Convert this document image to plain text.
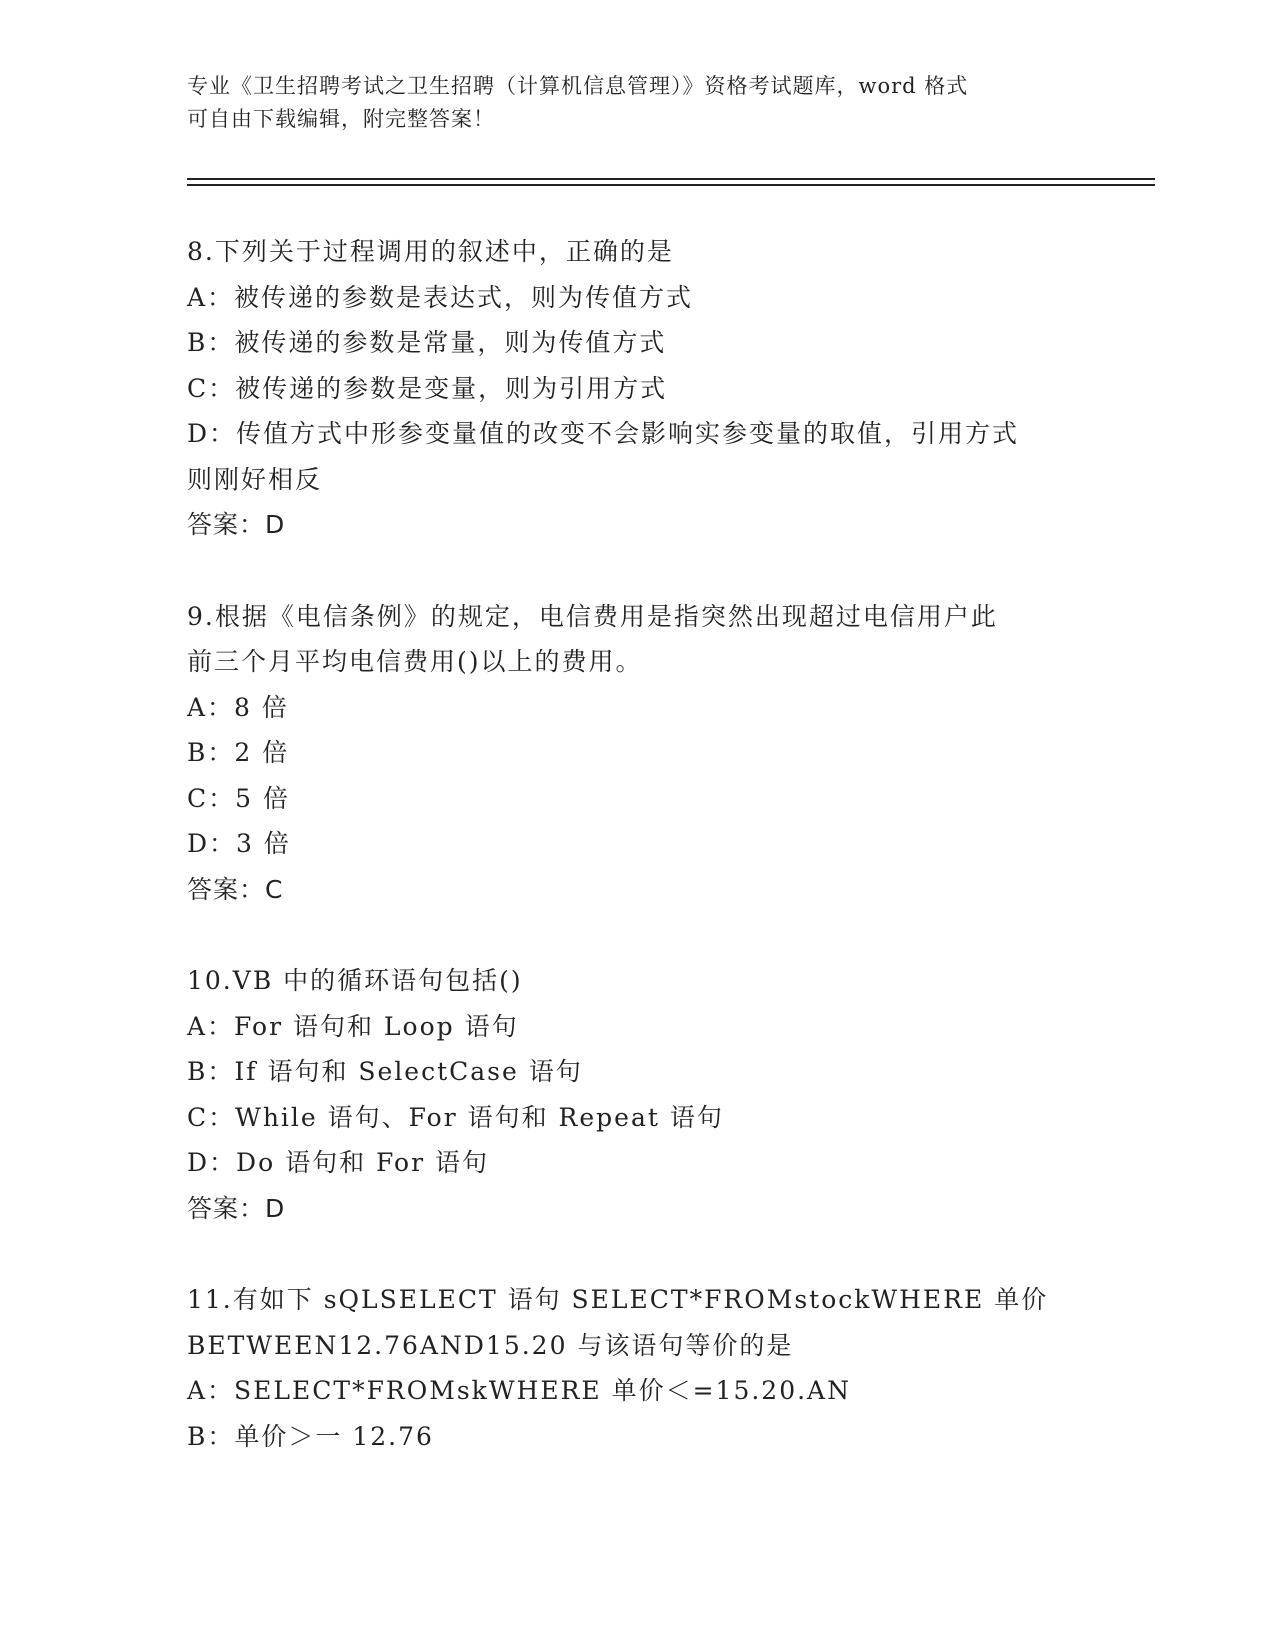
专业《卫生招聘考试之卫生招聘（计算机信息管理）》资格考试题库，word 格式
可自由下载编辑，附完整答案！
8.下列关于过程调用的叙述中，正确的是
A：被传递的参数是表达式，则为传值方式
B：被传递的参数是常量，则为传值方式
C：被传递的参数是变量，则为引用方式
D：传值方式中形参变量值的改变不会影响实参变量的取值，引用方式
则刚好相反
答案：D
9.根据《电信条例》的规定，电信费用是指突然出现超过电信用户此
前三个月平均电信费用()以上的费用。
A：8 倍
B：2 倍
C：5 倍
D：3 倍
答案：C
10.VB 中的循环语句包括()
A：For 语句和 Loop 语句
B：If 语句和 SelectCase 语句
C：While 语句、For 语句和 Repeat 语句
D：Do 语句和 For 语句
答案：D
11.有如下 sQLSELECT 语句 SELECT*FROMstockWHERE 单价
BETWEEN12.76AND15.20 与该语句等价的是
A：SELECT*FROMskWHERE 单价＜=15.20.AN
B：单价＞一 12.76
